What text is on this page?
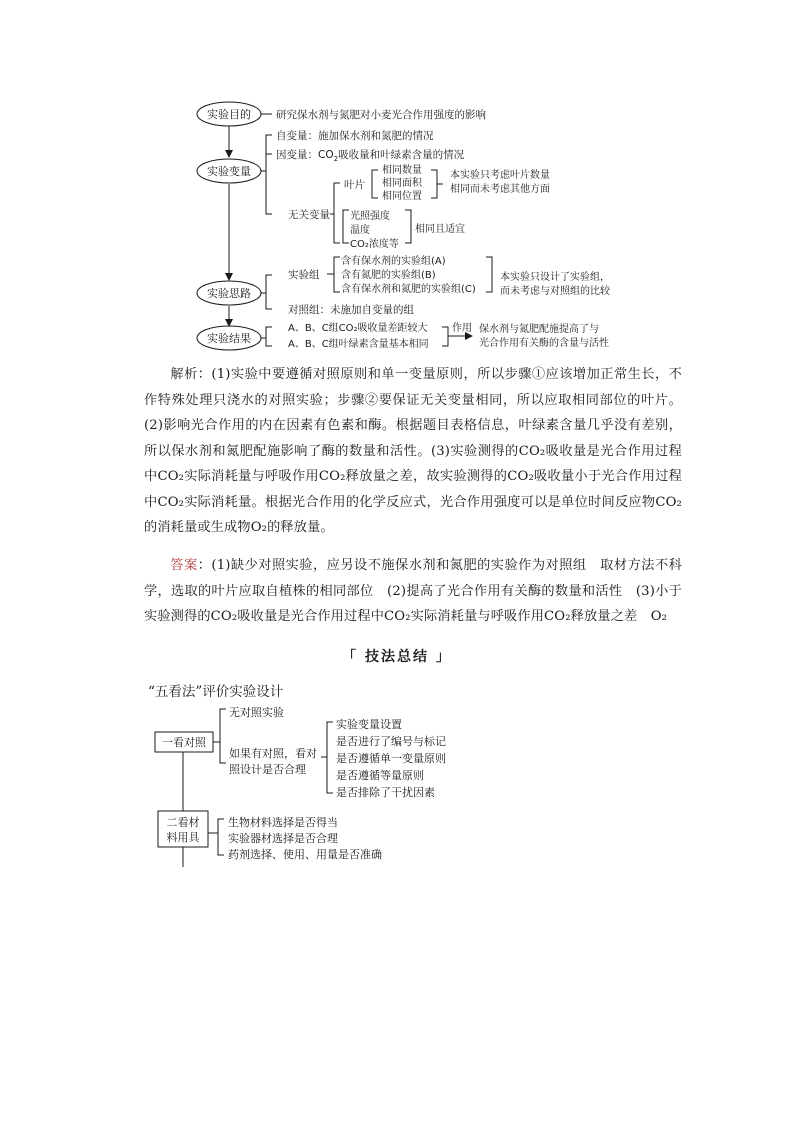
实验目的
实验变量
实验思路
实验结果
研究保水剂与氮肥对小麦光合作用强度的影响
自变量：施加保水剂和氮肥的情况
因变量：$CO_2$吸收量和叶绿素含量的情况
无关变量
叶片
相同数量
相同面积
相同位置
本实验只考虑叶片数量
相同而未考虑其他方面
光照强度
温度
CO₂浓度等
相同且适宜
实验组
含有保水剂的实验组(A)
含有氮肥的实验组(B)
含有保水剂和氮肥的实验组(C)
本实验只设计了实验组，
而未考虑与对照组的比较
对照组：未施加自变量的组
A、B、C组CO₂吸收量差距较大
A、B、C组叶绿素含量基本相同
作用 保水剂与氮肥配施提高了与
光合作用有关酶的含量与活性
解析：(1)实验中要遵循对照原则和单一变量原则，所以步骤①应该增加正常生长，不作特殊处理只浇水的对照实验；步骤②要保证无关变量相同，所以应取相同部位的叶片。(2)影响光合作用的内在因素有色素和酶。根据题目表格信息，叶绿素含量几乎没有差别，所以保水剂和氮肥配施影响了酶的数量和活性。(3)实验测得的CO₂吸收量是光合作用过程中CO₂实际消耗量与呼吸作用CO₂释放量之差，故实验测得的CO₂吸收量小于光合作用过程中CO₂实际消耗量。根据光合作用的化学反应式，光合作用强度可以是单位时间反应物CO₂的消耗量或生成物O₂的释放量。
答案：(1)缺少对照实验，应另设不施保水剂和氮肥的实验作为对照组　取材方法不科学，选取的叶片应取自植株的相同部位　(2)提高了光合作用有关酶的数量和活性　(3)小于　实验测得的CO₂吸收量是光合作用过程中CO₂实际消耗量与呼吸作用CO₂释放量之差　O₂
「 技法总结 」
“五看法”评价实验设计
一看对照
二看材
料用具
无对照实验
如果有对照，看对
照设计是否合理
实验变量设置
是否进行了编号与标记
是否遵循单一变量原则
是否遵循等量原则
是否排除了干扰因素
生物材料选择是否得当
实验器材选择是否合理
药剂选择、使用、用量是否准确
